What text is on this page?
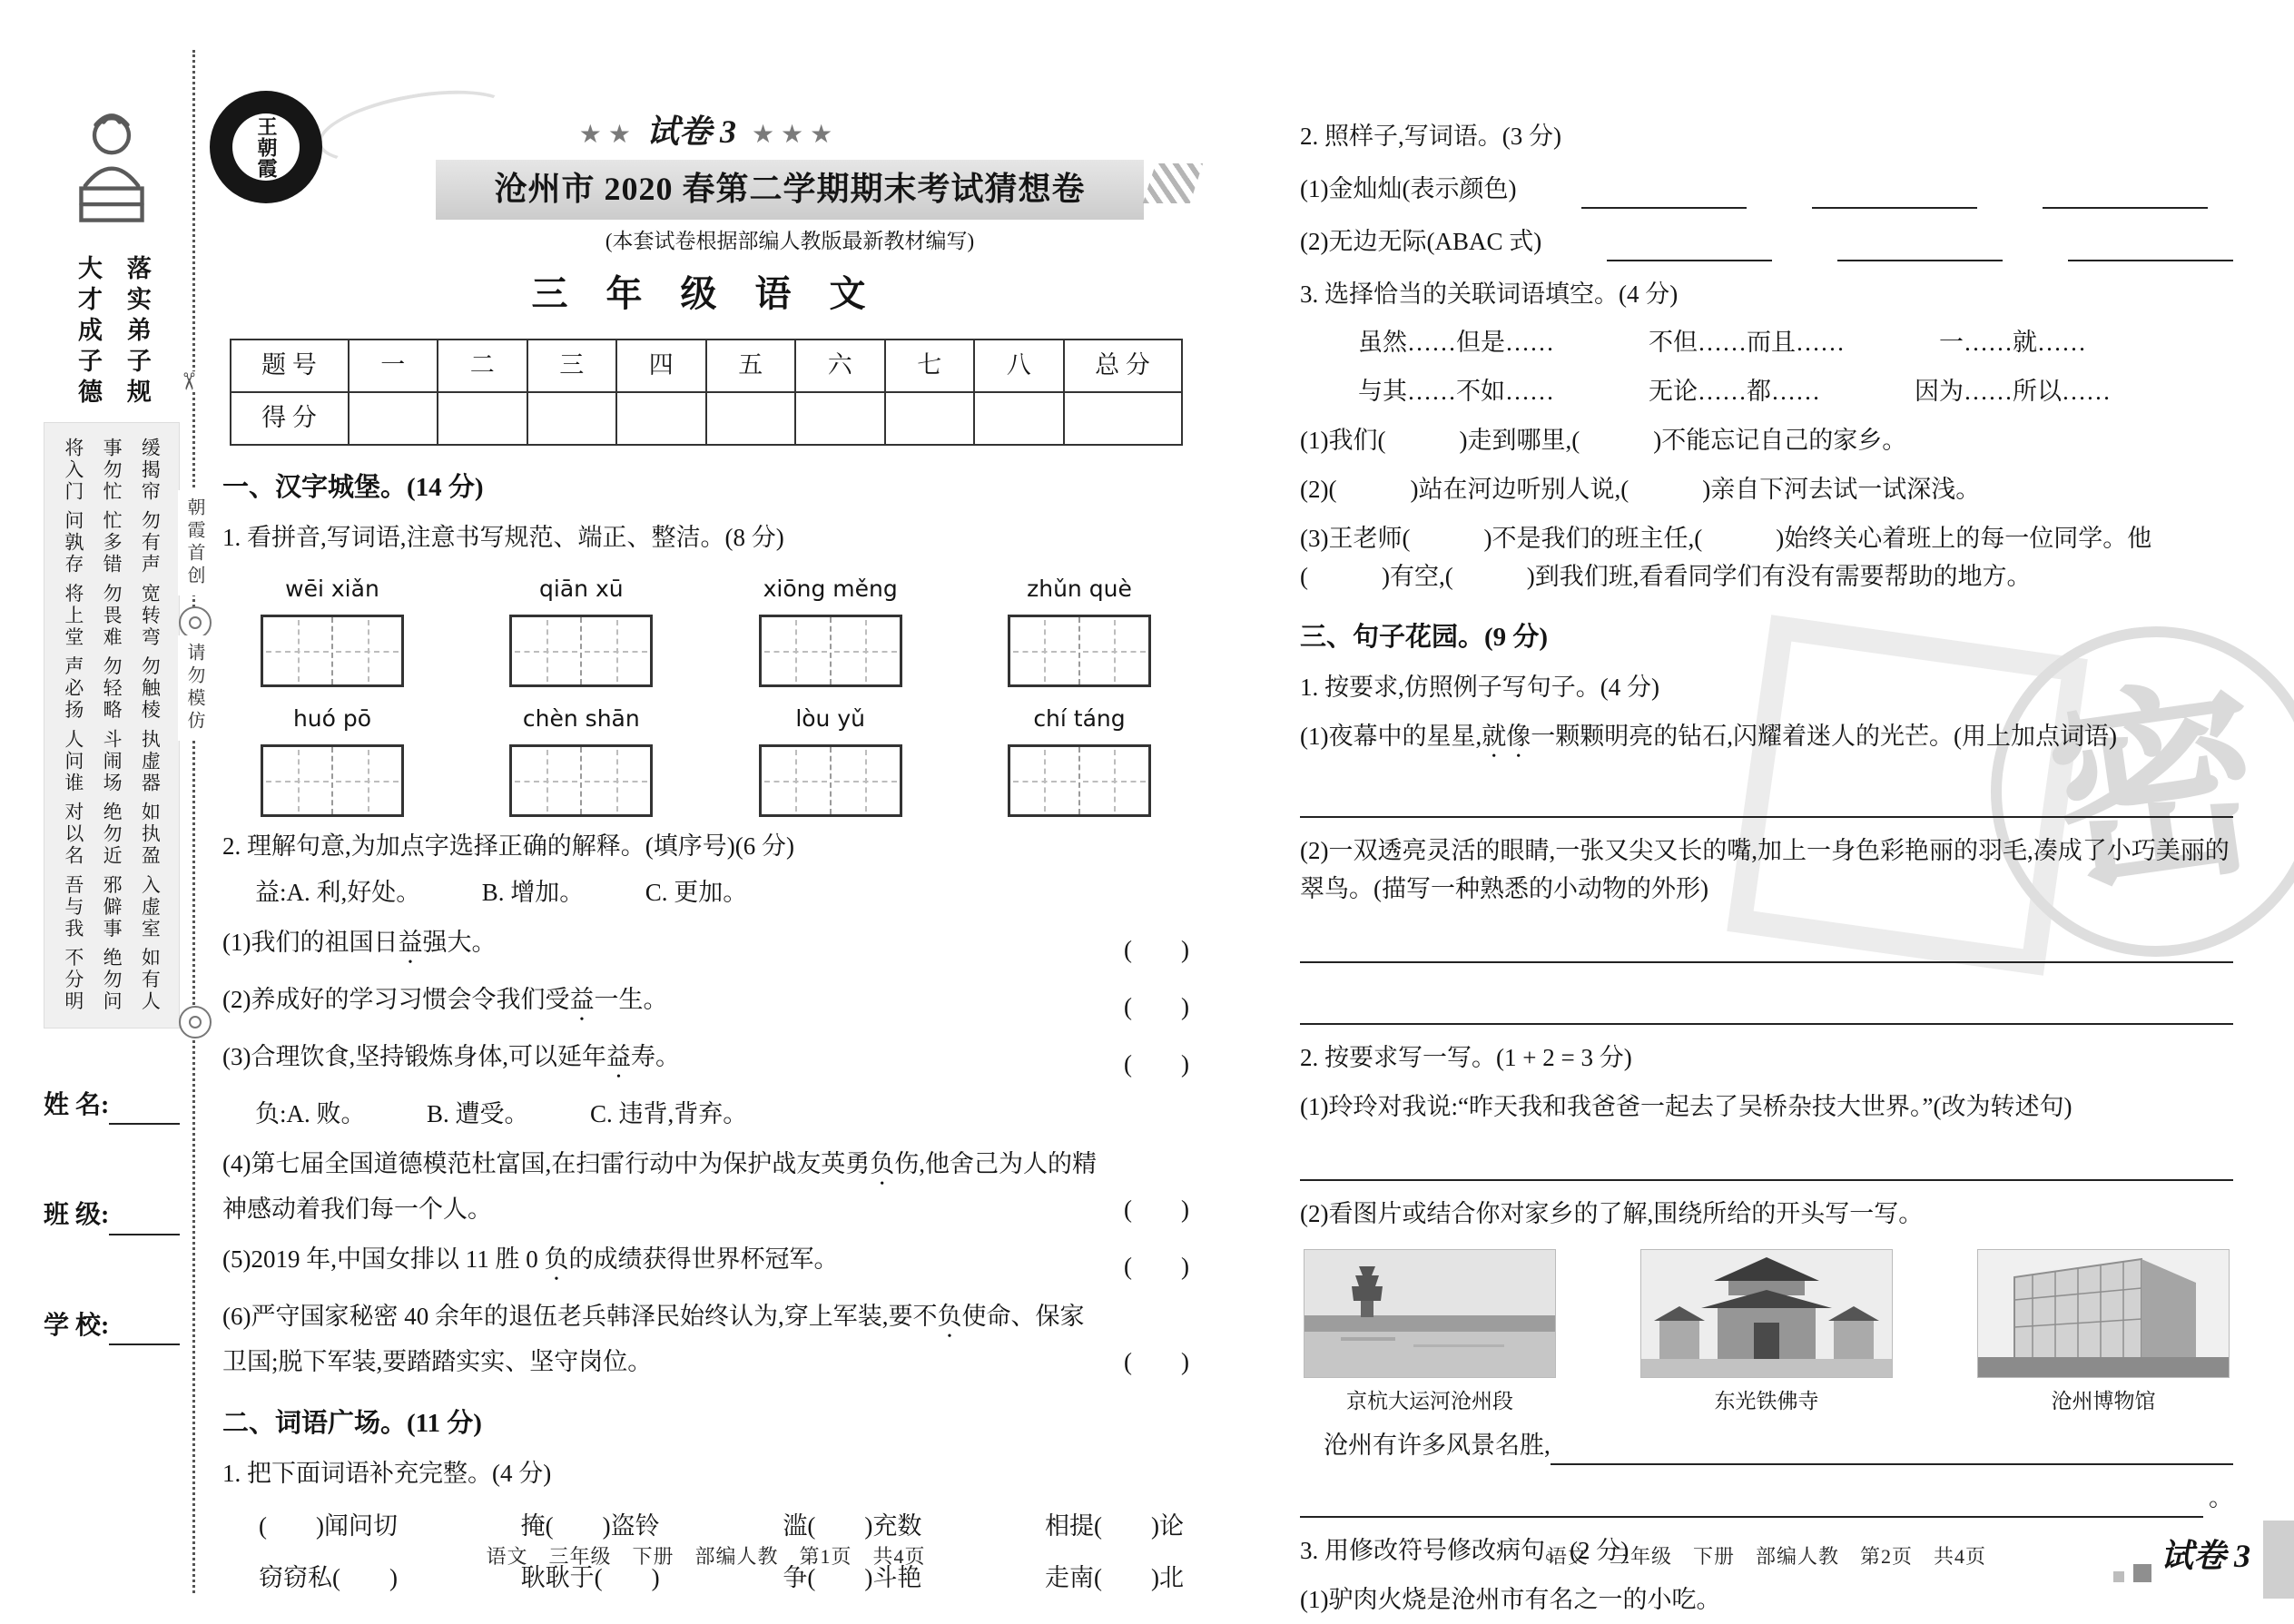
密
大才成子德 落实弟子规
将入门 问孰存 将上堂 声必扬 人问谁 对以名 吾与我 不分明 事勿忙 忙多错 勿畏难 勿轻略 斗闹场 绝勿近 邪僻事 绝勿问 缓揭帘 勿有声 宽转弯 勿触棱 执虚器 如执盈 入虚室 如有人
姓 名:
班 级:
学 校:
✂
朝霞首创
请勿模仿
王朝霞	★ ★ 试卷 3 ★ ★ ★
沧州市 2020 春第二学期期末考试猜想卷
(本套试卷根据部编人教版最新教材编写)
三 年 级 语 文
题 号	一	二	三	四	五	六	七	八	总 分
得 分									
一、汉字城堡。(14 分)
1. 看拼音,写词语,注意书写规范、端正、整洁。(8 分)
wēi xiǎn	qiān xū	xiōng měng	zhǔn què
huó pō	chèn shān	lòu yǔ	chí táng
2. 理解句意,为加点字选择正确的解释。(填序号)(6 分)
益:A. 利,好处。　　　B. 增加。　　　C. 更加。
(1)我们的祖国日益强大。	(　　)
(2)养成好的学习习惯会令我们受益一生。	(　　)
(3)合理饮食,坚持锻炼身体,可以延年益寿。	(　　)
负:A. 败。　　　B. 遭受。　　　C. 违背,背弃。
(4)第七届全国道德模范杜富国,在扫雷行动中为保护战友英勇负伤,他舍己为人的精神感动着我们每一个人。	(　　)
(5)2019 年,中国女排以 11 胜 0 负的成绩获得世界杯冠军。	(　　)
(6)严守国家秘密 40 余年的退伍老兵韩泽民始终认为,穿上军装,要不负使命、保家卫国;脱下军装,要踏踏实实、坚守岗位。	(　　)
二、词语广场。(11 分)
1. 把下面词语补充完整。(4 分)
(　　)闻问切	掩(　　)盗铃	滥(　　)充数	相提(　　)论
窃窃私(　　)	耿耿于(　　)	争(　　)斗艳	走南(　　)北
语文　三年级　下册　部编人教　第1页　共4页
2. 照样子,写词语。(3 分)
(1)金灿灿(表示颜色)
(2)无边无际(ABAC 式)
3. 选择恰当的关联词语填空。(4 分)
虽然……但是……	不但……而且……	一……就……
与其……不如……	无论……都……	因为……所以……
(1)我们(　　　)走到哪里,(　　　)不能忘记自己的家乡。
(2)(　　　)站在河边听别人说,(　　　)亲自下河去试一试深浅。
(3)王老师(　　　)不是我们的班主任,(　　　)始终关心着班上的每一位同学。他(　　　)有空,(　　　)到我们班,看看同学们有没有需要帮助的地方。
三、句子花园。(9 分)
1. 按要求,仿照例子写句子。(4 分)
(1)夜幕中的星星,就像一颗颗明亮的钻石,闪耀着迷人的光芒。(用上加点词语)
(2)一双透亮灵活的眼睛,一张又尖又长的嘴,加上一身色彩艳丽的羽毛,凑成了小巧美丽的翠鸟。(描写一种熟悉的小动物的外形)
2. 按要求写一写。(1 + 2 = 3 分)
(1)玲玲对我说:“昨天我和我爸爸一起去了吴桥杂技大世界。”(改为转述句)
(2)看图片或结合你对家乡的了解,围绕所给的开头写一写。
京杭大运河沧州段	东光铁佛寺	沧州博物馆
沧州有许多风景名胜,
。
3. 用修改符号修改病句。(2 分)
(1)驴肉火烧是沧州市有名之一的小吃。
语文　三年级　下册　部编人教　第2页　共4页	试卷 3
